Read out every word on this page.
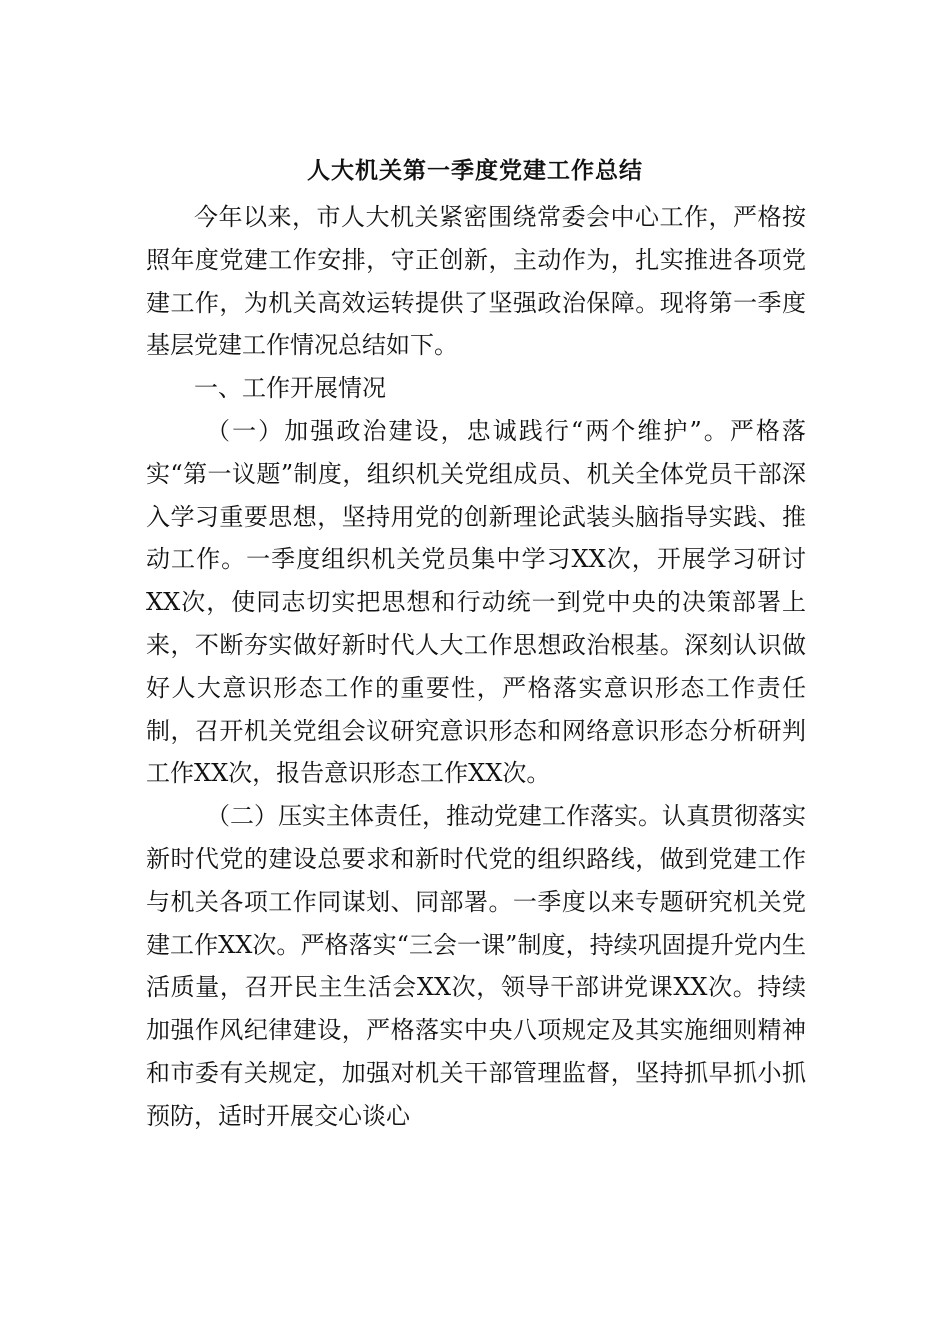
人大机关第一季度党建工作总结

今年以来，市人大机关紧密围绕常委会中心工作，严格按照年度党建工作安排，守正创新，主动作为，扎实推进各项党建工作，为机关高效运转提供了坚强政治保障。现将第一季度基层党建工作情况总结如下。

一、工作开展情况

（一）加强政治建设，忠诚践行“两个维护”。严格落实“第一议题”制度，组织机关党组成员、机关全体党员干部深入学习重要思想，坚持用党的创新理论武装头脑指导实践、推动工作。一季度组织机关党员集中学习XX次，开展学习研讨XX次，使同志切实把思想和行动统一到党中央的决策部署上来，不断夯实做好新时代人大工作思想政治根基。深刻认识做好人大意识形态工作的重要性，严格落实意识形态工作责任制，召开机关党组会议研究意识形态和网络意识形态分析研判工作XX次，报告意识形态工作XX次。

（二）压实主体责任，推动党建工作落实。认真贯彻落实新时代党的建设总要求和新时代党的组织路线，做到党建工作与机关各项工作同谋划、同部署。一季度以来专题研究机关党建工作XX次。严格落实“三会一课”制度，持续巩固提升党内生活质量，召开民主生活会XX次，领导干部讲党课XX次。持续加强作风纪律建设，严格落实中央八项规定及其实施细则精神和市委有关规定，加强对机关干部管理监督，坚持抓早抓小抓预防，适时开展交心谈心
